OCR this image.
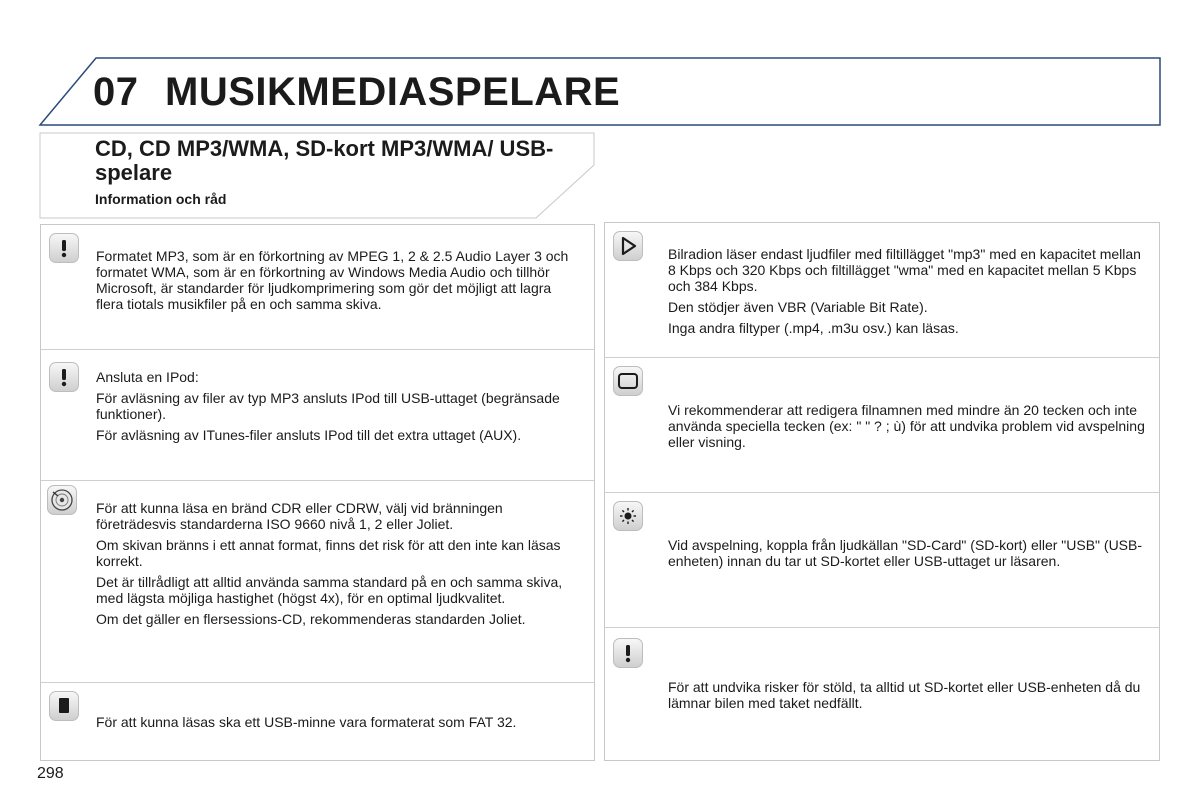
07 MUSIKMEDIASPELARE
CD, CD MP3/WMA, SD-kort MP3/WMA/ USB-spelare
Information och råd

Formatet MP3, som är en förkortning av MPEG 1, 2 & 2.5 Audio Layer 3 och formatet WMA, som är en förkortning av Windows Media Audio och tillhör Microsoft, är standarder för ljudkomprimering som gör det möjligt att lagra flera tiotals musikfiler på en och samma skiva.

Ansluta en IPod:

För avläsning av filer av typ MP3 ansluts IPod till USB-uttaget (begränsade funktioner).

För avläsning av ITunes-filer ansluts IPod till det extra uttaget (AUX).

För att kunna läsa en bränd CDR eller CDRW, välj vid bränningen företrädesvis standarderna ISO 9660 nivå 1, 2 eller Joliet.

Om skivan bränns i ett annat format, finns det risk för att den inte kan läsas korrekt.

Det är tillrådligt att alltid använda samma standard på en och samma skiva, med lägsta möjliga hastighet (högst 4x), för en optimal ljudkvalitet.

Om det gäller en flersessions-CD, rekommenderas standarden Joliet.

För att kunna läsas ska ett USB-minne vara formaterat som FAT 32.

Bilradion läser endast ljudfiler med filtillägget "mp3" med en kapacitet mellan 8 Kbps och 320 Kbps och filtillägget "wma" med en kapacitet mellan 5 Kbps och 384 Kbps.

Den stödjer även VBR (Variable Bit Rate).

Inga andra filtyper (.mp4, .m3u osv.) kan läsas.

Vi rekommenderar att redigera filnamnen med mindre än 20 tecken och inte använda speciella tecken (ex: " " ? ; ù) för att undvika problem vid avspelning eller visning.

Vid avspelning, koppla från ljudkällan "SD-Card" (SD-kort) eller "USB" (USB-enheten) innan du tar ut SD-kortet eller USB-uttaget ur läsaren.

För att undvika risker för stöld, ta alltid ut SD-kortet eller USB-enheten då du lämnar bilen med taket nedfällt.

298
